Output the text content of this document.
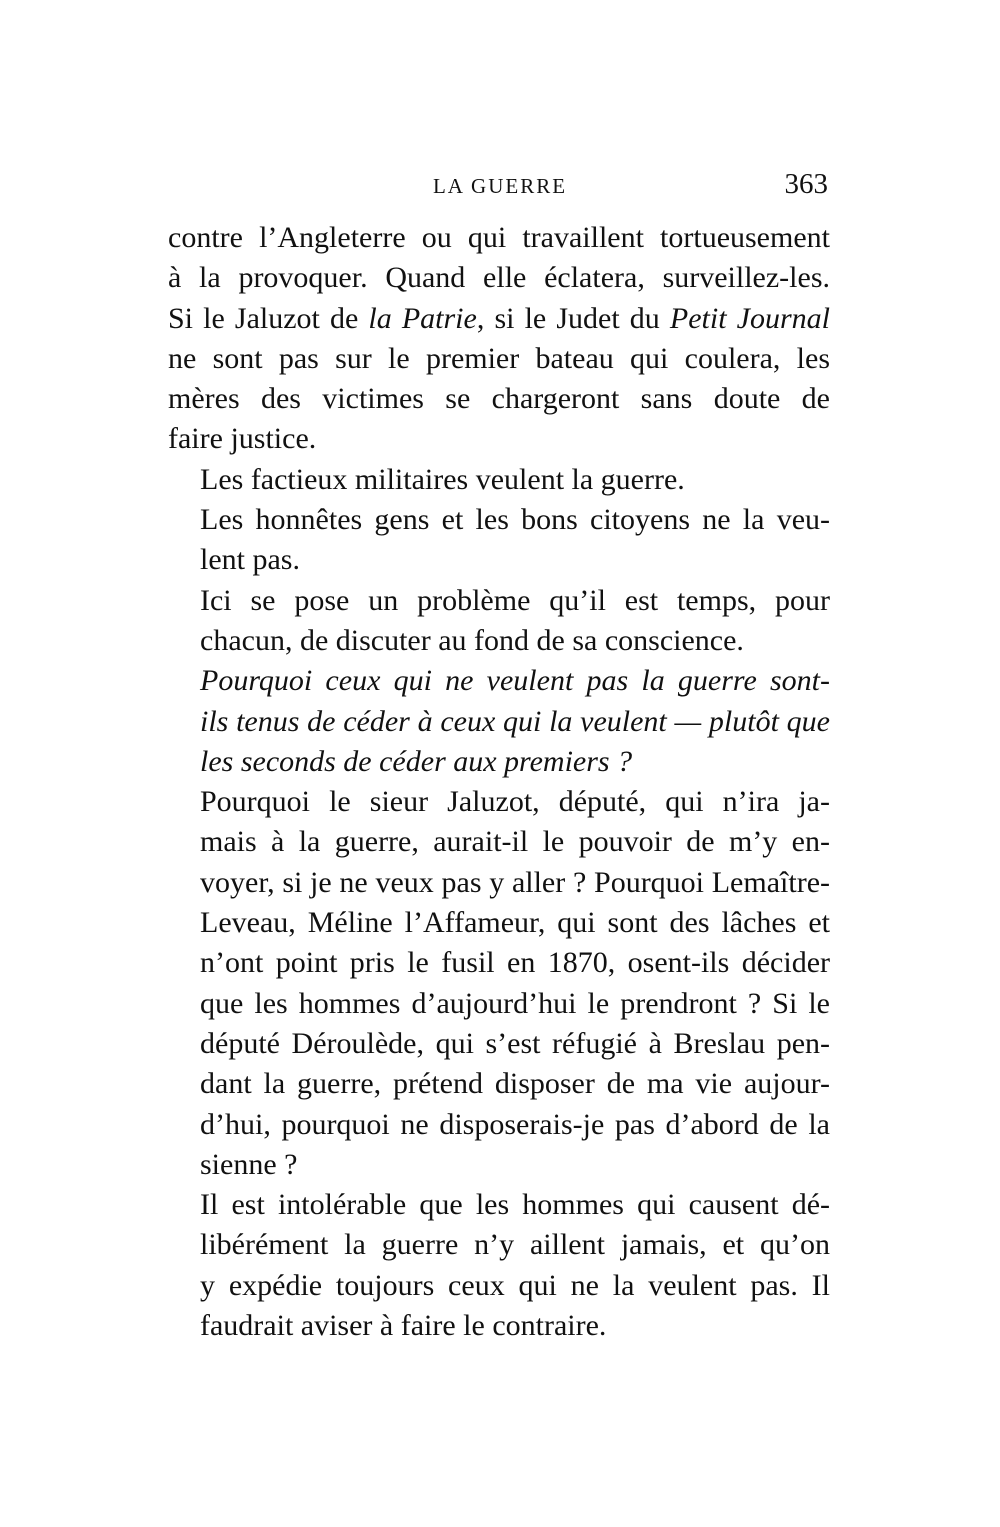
LA GUERRE	363
contre l’Angleterre ou qui travaillent tortueusement
à la provoquer. Quand elle éclatera, surveillez-les.
Si le Jaluzot de la Patrie, si le Judet du Petit Journal
ne sont pas sur le premier bateau qui coulera, les
mères des victimes se chargeront sans doute de
faire justice.
Les factieux militaires veulent la guerre.
Les honnêtes gens et les bons citoyens ne la veu-
lent pas.
Ici se pose un problème qu’il est temps, pour
chacun, de discuter au fond de sa conscience.
Pourquoi ceux qui ne veulent pas la guerre sont-
ils tenus de céder à ceux qui la veulent — plutôt que
les seconds de céder aux premiers ?
Pourquoi le sieur Jaluzot, député, qui n’ira ja-
mais à la guerre, aurait-il le pouvoir de m’y en-
voyer, si je ne veux pas y aller ? Pourquoi Lemaître-
Leveau, Méline l’Affameur, qui sont des lâches et
n’ont point pris le fusil en 1870, osent-ils décider
que les hommes d’aujourd’hui le prendront ? Si le
député Déroulède, qui s’est réfugié à Breslau pen-
dant la guerre, prétend disposer de ma vie aujour-
d’hui, pourquoi ne disposerais-je pas d’abord de la
sienne ?
Il est intolérable que les hommes qui causent dé-
libérément la guerre n’y aillent jamais, et qu’on
y expédie toujours ceux qui ne la veulent pas. Il
faudrait aviser à faire le contraire.
